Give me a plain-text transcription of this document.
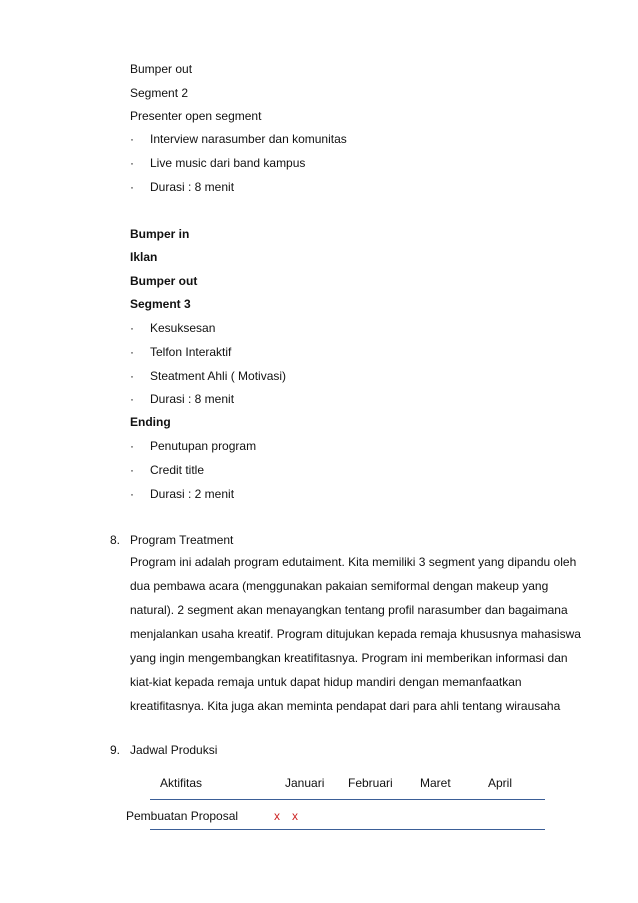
Bumper out
Segment 2
Presenter open segment
· Interview narasumber dan komunitas
· Live music dari band kampus
· Durasi : 8 menit
Bumper in
Iklan
Bumper out
Segment 3
· Kesuksesan
· Telfon Interaktif
· Steatment Ahli ( Motivasi)
· Durasi : 8 menit
Ending
· Penutupan program
· Credit title
· Durasi : 2 menit
8. Program Treatment
Program ini adalah program edutaiment. Kita memiliki 3 segment yang dipandu oleh
dua pembawa acara (menggunakan pakaian semiformal dengan makeup yang
natural). 2 segment akan menayangkan tentang profil narasumber dan bagaimana
menjalankan usaha kreatif. Program ditujukan kepada remaja khususnya mahasiswa
yang ingin mengembangkan kreatifitasnya. Program ini memberikan informasi dan
kiat-kiat kepada remaja untuk dapat hidup mandiri dengan memanfaatkan
kreatifitasnya. Kita juga akan meminta pendapat dari para ahli tentang wirausaha
9. Jadwal Produksi
Aktifitas	Januari Februari Maret	April
Pembuatan Proposal	x x
